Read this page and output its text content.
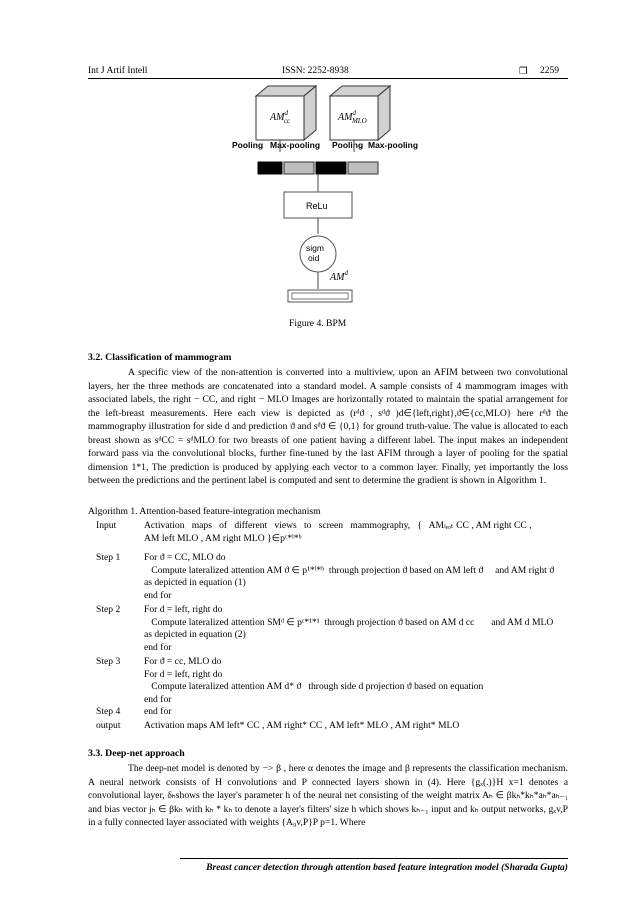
Int J Artif Intell	ISSN: 2252-8938	❒ 2259
$AM^d$ cc	$AM^d$ MLO
Pooling Max-pooling Pooling Max-pooling
ReLu
sigm
oid
$AM^d$
Figure 4. BPM

3.2. Classification of mammogram

A specific view of the non-attention is converted into a multiview, upon an AFIM between two convolutional layers, her the three methods are concatenated into a standard model. A sample consists of 4 mammogram images with associated labels, the right − CC, and right − MLO Images are horizontally rotated to maintain the spatial arrangement for the left-breast measurements. Here each view is depicted as (rᵈϑ , sᵈϑ )d∈{left,right},ϑ∈{cc,MLO} here rᵈϑ the mammography illustration for side d and prediction ϑ and sᵈϑ ∈ {0,1} for ground truth-value. The value is allocated to each breast shown as sᵈCC = sᵈMLO for two breasts of one patient having a different label. The input makes an independent forward pass via the convolutional blocks, further fine-tuned by the last AFIM through a layer of pooling for the spatial dimension 1*1, The prediction is produced by applying each vector to a common layer. Finally, yet importantly the loss between the predictions and the pertinent label is computed and sent to determine the gradient is shown in Algorithm 1.

Algorithm 1. Attention-based feature-integration mechanism
Input	Activation   maps   of   different   views   to   screen   mammography,   {   AMₗₑₒₜ CC , AM right CC ,
AM left MLO , AM right MLO }∈pᶜ*ˡ*ᵇ
Step 1 For ϑ = CC, MLO do
Compute lateralized attention AM ϑ ∈ p¹*ˡ*ᵇ  through projection ϑ based on AM left ϑ     and AM right ϑ
as depicted in equation (1)
end for
Step 2 For d = left, right do
Compute lateralized attention SMᵈ ∈ pᶜ*¹*¹  through projection ϑ based on AM d cc       and AM d MLO
as depicted in equation (2)
end for
Step 3 For ϑ = cc, MLO do
For d = left, right do
Compute lateralized attention AM d* ϑ   through side d projection ϑ based on equation
end for
Step 4 end for
output Activation maps AM left* CC , AM right* CC , AM left* MLO , AM right* MLO

3.3. Deep-net approach

The deep-net model is denoted by −> β , here α denotes the image and β represents the classification mechanism. A neural network consists of H convolutions and P connected layers shown in (4). Here {gₓ(.)}H x=1 denotes a convolutional layer, δₕshows the layer's parameter h of the neural net consisting of the weight matrix Aₕ ∈ βkₕ*kₕ*aₕ*aₕ₋₁ and bias vector jₕ ∈ βkₕ with kₕ * kₕ to denote a layer's filters' size h which shows kₕ₋₁ input and kₕ output networks, gₓv,P in a fully connected layer associated with weights {A₉v,P}P p=1. Where

Breast cancer detection through attention based feature integration model (Sharada Gupta)
